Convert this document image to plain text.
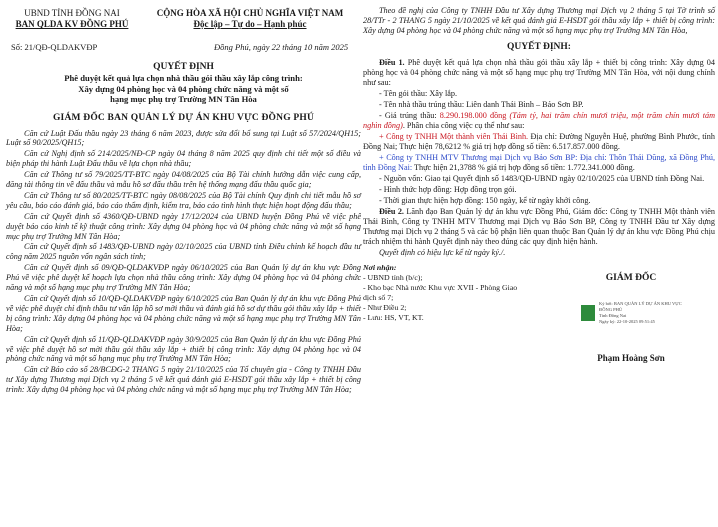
UBND TỈNH ĐỒNG NAI
BAN QLDA KV ĐỒNG PHÚ
CỘNG HÒA XÃ HỘI CHỦ NGHĨA VIỆT NAM
Độc lập – Tự do – Hạnh phúc
Số: 21/QĐ-QLDAKVĐP	Đồng Phú, ngày 22 tháng 10 năm 2025
QUYẾT ĐỊNH
Phê duyệt kết quả lựa chọn nhà thầu gói thầu xây lắp công trình:
Xây dựng 04 phòng học và 04 phòng chức năng và một số
hạng mục phụ trợ Trường MN Tân Hòa
GIÁM ĐỐC BAN QUẢN LÝ DỰ ÁN KHU VỰC ĐỒNG PHÚ

Căn cứ Luật Đấu thầu ngày 23 tháng 6 năm 2023, được sửa đổi bổ sung tại Luật số 57/2024/QH15; Luật số 90/2025/QH15;

Căn cứ Nghị định số 214/2025/NĐ-CP ngày 04 tháng 8 năm 2025 quy định chi tiết một số điều và biện pháp thi hành Luật Đấu thầu về lựa chọn nhà thầu;

Căn cứ Thông tư số 79/2025/TT-BTC ngày 04/08/2025 của Bộ Tài chính hướng dẫn việc cung cấp, đăng tải thông tin về đấu thầu và mẫu hồ sơ đấu thầu trên hệ thống mạng đấu thầu quốc gia;

Căn cứ Thông tư số 80/2025/TT-BTC ngày 08/08/2025 của Bộ Tài chính Quy định chi tiết mẫu hồ sơ yêu cầu, báo cáo đánh giá, báo cáo thẩm định, kiểm tra, báo cáo tình hình thực hiện hoạt động đấu thầu;

Căn cứ Quyết định số 4360/QĐ-UBND ngày 17/12/2024 của UBND huyện Đồng Phú về việc phê duyệt báo cáo kinh tế kỹ thuật công trình: Xây dựng 04 phòng học và 04 phòng chức năng và một số hạng mục phụ trợ Trường MN Tân Hòa;

Căn cứ Quyết định số 1483/QĐ-UBND ngày 02/10/2025 của UBND tỉnh Điều chỉnh kế hoạch đầu tư công năm 2025 nguồn vốn ngân sách tỉnh;

Căn cứ Quyết định số 09/QĐ-QLDAKVĐP ngày 06/10/2025 của Ban Quản lý dự án khu vực Đồng Phú về việc phê duyệt kế hoạch lựa chọn nhà thầu công trình: Xây dựng 04 phòng học và 04 phòng chức năng và một số hạng mục phụ trợ Trường MN Tân Hòa;

Căn cứ Quyết định số 10/QĐ-QLDAKVĐP ngày 6/10/2025 của Ban Quản lý dự án khu vực Đồng Phú về việc phê duyệt chỉ định thầu tư vấn lập hồ sơ mời thầu và đánh giá hồ sơ dự thầu gói thầu xây lắp + thiết bị công trình: Xây dựng 04 phòng học và 04 phòng chức năng và một số hạng mục phụ trợ Trường MN Tân Hòa;

Căn cứ Quyết định số 11/QĐ-QLDAKVĐP ngày 30/9/2025 của Ban Quản lý dự án khu vực Đồng Phú về việc phê duyệt hồ sơ mời thầu gói thầu xây lắp + thiết bị công trình: Xây dựng 04 phòng học và 04 phòng chức năng và một số hạng mục phụ trợ Trường MN Tân Hòa;

Căn cứ Báo cáo số 28/BCĐG-2 THANG 5 ngày 21/10/2025 của Tổ chuyên gia - Công ty TNHH Đầu tư Xây dựng Thương mại Dịch vụ 2 tháng 5 về kết quả đánh giá E-HSDT gói thầu xây lắp + thiết bị công trình: Xây dựng 04 phòng học và 04 phòng chức năng và một số hạng mục phụ trợ Trường MN Tân Hòa;

Theo đề nghị của Công ty TNHH Đầu tư Xây dựng Thương mại Dịch vụ 2 tháng 5 tại Tờ trình số 28/TTr - 2 THANG 5 ngày 21/10/2025 về kết quả đánh giá E-HSDT gói thầu xây lắp + thiết bị công trình: Xây dựng 04 phòng học và 04 phòng chức năng và một số hạng mục phụ trợ Trường MN Tân Hòa,

QUYẾT ĐỊNH:

Điều 1. Phê duyệt kết quả lựa chọn nhà thầu gói thầu xây lắp + thiết bị công trình: Xây dựng 04 phòng học và 04 phòng chức năng và một số hạng mục phụ trợ Trường MN Tân Hòa, với nội dung chính như sau:

- Tên gói thầu: Xây lắp.

- Tên nhà thầu trúng thầu: Liên danh Thái Bình – Bảo Sơn BP.

- Giá trúng thầu: 8.290.198.000 đồng (Tám tỷ, hai trăm chín mươi triệu, một trăm chín mươi tám nghìn đồng). Phân chia công việc cụ thể như sau:

+ Công ty TNHH Một thành viên Thái Bình. Địa chỉ: Đường Nguyễn Huệ, phường Bình Phước, tỉnh Đồng Nai; Thực hiện 78,6212 % giá trị hợp đồng số tiền: 6.517.857.000 đồng.

+ Công ty TNHH MTV Thương mại Dịch vụ Bảo Sơn BP: Địa chỉ: Thôn Thái Dũng, xã Đồng Phú, tỉnh Đồng Nai: Thực hiện 21,3788 % giá trị hợp đồng số tiền: 1.772.341.000 đồng.

- Nguồn vốn: Giao tại Quyết định số 1483/QĐ-UBND ngày 02/10/2025 của UBND tỉnh Đồng Nai.

- Hình thức hợp đồng: Hợp đồng trọn gói.

- Thời gian thực hiện hợp đồng: 150 ngày, kể từ ngày khởi công.

Điều 2. Lãnh đạo Ban Quản lý dự án khu vực Đồng Phú, Giám đốc: Công ty TNHH Một thành viên Thái Bình, Công ty TNHH MTV Thương mại Dịch vụ Bảo Sơn BP, Công ty TNHH Đầu tư Xây dựng Thương mại Dịch vụ 2 tháng 5 và các bộ phận liên quan thuộc Ban Quản lý dự án khu vực Đồng Phú chịu trách nhiệm thi hành Quyết định này theo đúng các quy định hiện hành.

Quyết định có hiệu lực kể từ ngày ký./.

Nơi nhận:
- UBND tỉnh (b/c);
- Kho bạc Nhà nước Khu vực XVII - Phòng Giao dịch số 7;
- Như Điều 2;
- Lưu: HS, VT, KT.
GIÁM ĐỐC
Ký bởi: BAN QUẢN LÝ DỰ ÁN KHU VỰC ĐỒNG PHÚ
Tỉnh Đồng Nai
Ngày ký: 22-10-2025 09:51:45
Phạm Hoàng Sơn
